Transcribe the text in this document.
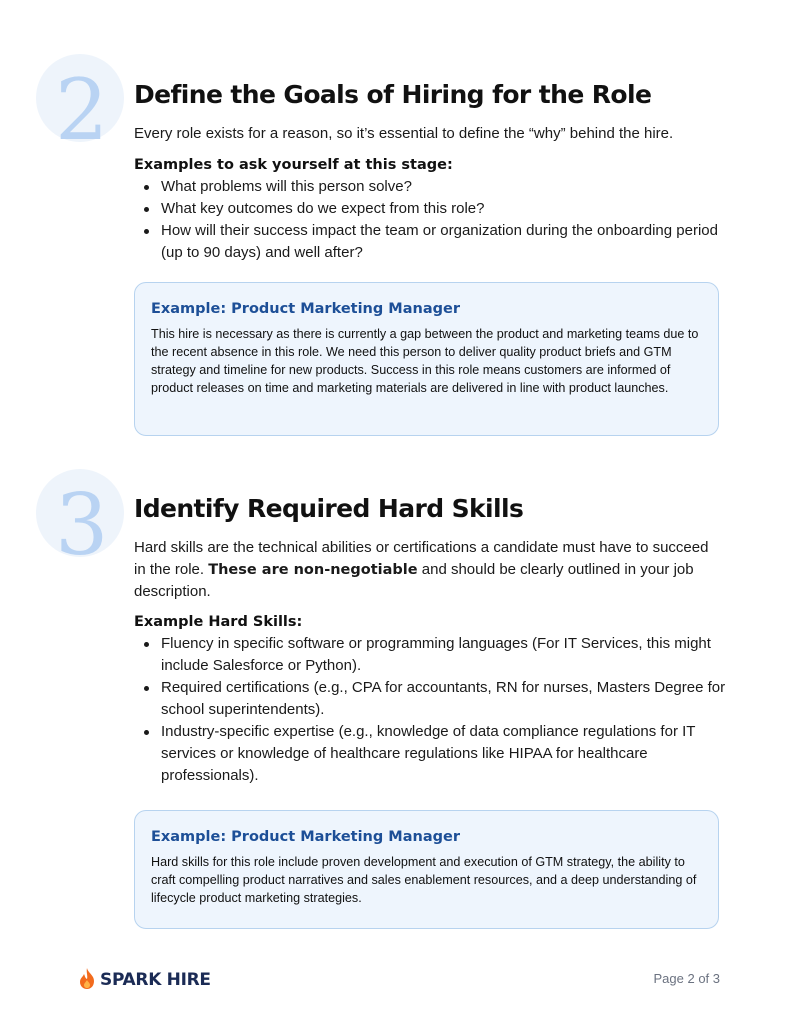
2 Define the Goals of Hiring for the Role

Every role exists for a reason, so it’s essential to define the “why” behind the hire.

Examples to ask yourself at this stage:

What problems will this person solve?
What key outcomes do we expect from this role?
How will their success impact the team or organization during the onboarding period (up to 90 days) and well after?

Example: Product Marketing Manager

This hire is necessary as there is currently a gap between the product and marketing teams due to the recent absence in this role. We need this person to deliver quality product briefs and GTM strategy and timeline for new products. Success in this role means customers are informed of product releases on time and marketing materials are delivered in line with product launches.

3 Identify Required Hard Skills

Hard skills are the technical abilities or certifications a candidate must have to succeed in the role. These are non-negotiable and should be clearly outlined in your job description.

Example Hard Skills:

Fluency in specific software or programming languages (For IT Services, this might include Salesforce or Python).
Required certifications (e.g., CPA for accountants, RN for nurses, Masters Degree for school superintendents).
Industry-specific expertise (e.g., knowledge of data compliance regulations for IT services or knowledge of healthcare regulations like HIPAA for healthcare professionals).

Example: Product Marketing Manager

Hard skills for this role include proven development and execution of GTM strategy, the ability to craft compelling product narratives and sales enablement resources, and a deep understanding of lifecycle product marketing strategies.

SPARK HIRE	Page 2 of 3
